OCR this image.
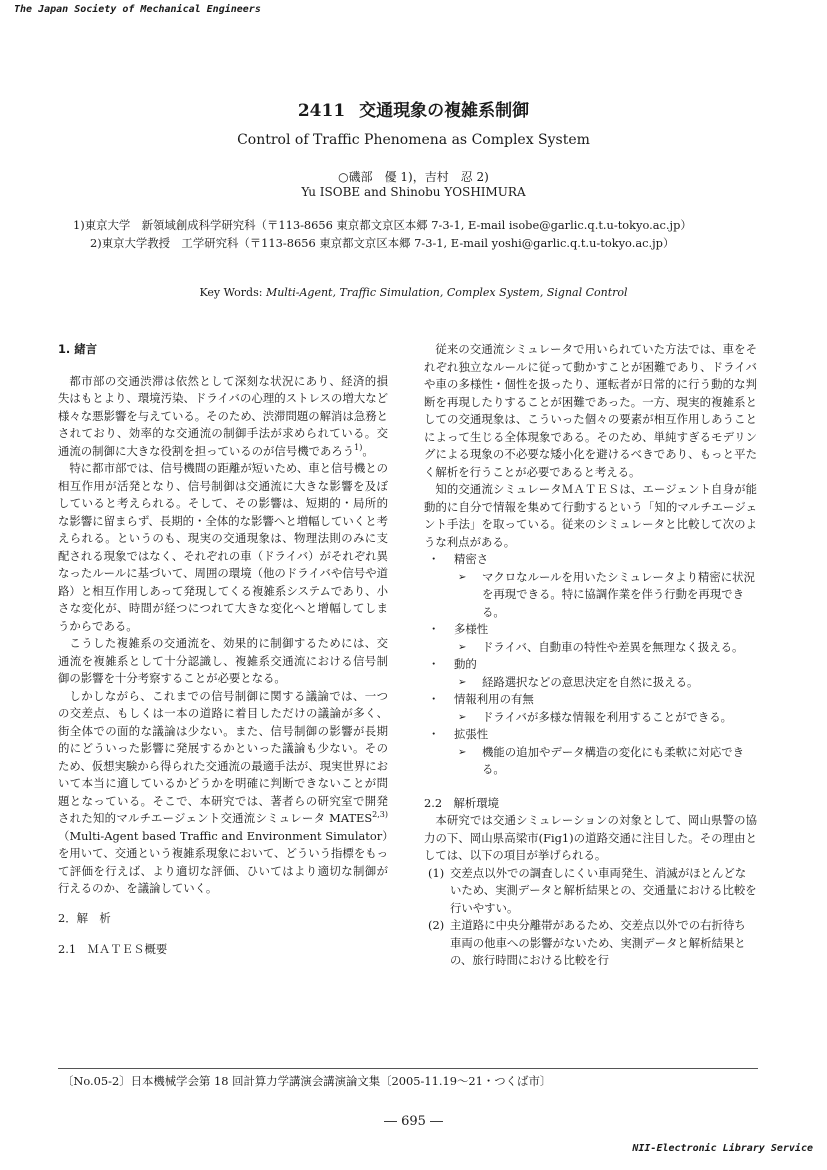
The Japan Society of Mechanical Engineers
2411 交通現象の複雑系制御
Control of Traffic Phenomena as Complex System
○磯部　優 1)，吉村　忍 2)
Yu ISOBE and Shinobu YOSHIMURA
1)東京大学　新領域創成科学研究科（〒113-8656 東京都文京区本郷 7-3-1, E-mail isobe@garlic.q.t.u-tokyo.ac.jp）
2)東京大学教授　工学研究科（〒113-8656 東京都文京区本郷 7-3-1, E-mail yoshi@garlic.q.t.u-tokyo.ac.jp）
Key Words: Multi-Agent, Traffic Simulation, Complex System, Signal Control

1. 緒言

都市部の交通渋滞は依然として深刻な状況にあり、経済的損失はもとより、環境汚染、ドライバの心理的ストレスの増大など様々な悪影響を与えている。そのため、渋滞問題の解消は急務とされており、効率的な交通流の制御手法が求められている。交通流の制御に大きな役割を担っているのが信号機であろう$^{1)}$。

特に都市部では、信号機間の距離が短いため、車と信号機との相互作用が活発となり、信号制御は交通流に大きな影響を及ぼしていると考えられる。そして、その影響は、短期的・局所的な影響に留まらず、長期的・全体的な影響へと増幅していくと考えられる。というのも、現実の交通現象は、物理法則のみに支配される現象ではなく、それぞれの車（ドライバ）がそれぞれ異なったルールに基づいて、周囲の環境（他のドライバや信号や道路）と相互作用しあって発現してくる複雑系システムであり、小さな変化が、時間が経つにつれて大きな変化へと增幅してしまうからである。

こうした複雑系の交通流を、効果的に制御するためには、交通流を複雑系として十分認識し、複雑系交通流における信号制御の影響を十分考察することが必要となる。

しかしながら、これまでの信号制御に関する議論では、一つの交差点、もしくは一本の道路に着目しただけの議論が多く、街全体での面的な議論は少ない。また、信号制御の影響が長期的にどういった影響に発展するかといった議論も少ない。そのため、仮想実験から得られた交通流の最適手法が、現実世界において本当に適しているかどうかを明確に判断できないことが問題となっている。そこで、本研究では、著者らの研究室で開発された知的マルチエージェント交通流シミュレータ MATES$^{2,3)}$（Multi-Agent based Traffic and Environment Simulator）を用いて、交通という複雑系現象において、どういう指標をもって評価を行えば、より適切な評価、ひいてはより適切な制御が行えるのか、を議論していく。

2．解　析

2.1　ＭＡＴＥＳ概要

従来の交通流シミュレータで用いられていた方法では、車をそれぞれ独立なルールに従って動かすことが困難であり、ドライバや車の多様性・個性を扱ったり、運転者が日常的に行う動的な判断を再現したりすることが困難であった。一方、現実的複雑系としての交通現象は、こういった個々の要素が相互作用しあうことによって生じる全体現象である。そのため、単純すぎるモデリングによる現象の不必要な矮小化を避けるべきであり、もっと平たく解析を行うことが必要であると考える。

知的交通流シミュレータＭＡＴＥＳは、エージェント自身が能動的に自分で情報を集めて行動するという「知的マルチエージェント手法」を取っている。従来のシミュレータと比較して次のような利点がある。

・	精密さ
➢	マクロなルールを用いたシミュレータより精密に状況を再現できる。特に協調作業を伴う行動を再現できる。
・	多様性
➢	ドライバ、自動車の特性や差異を無理なく扱える。
・	動的
➢	経路選択などの意思決定を自然に扱える。
・	情報利用の有無
➢	ドライバが多様な情報を利用することができる。
・	拡張性
➢	機能の追加やデータ構造の変化にも柔軟に対応できる。

2.2　解析環境

本研究では交通シミュレーションの対象として、岡山県警の協力の下、岡山県高梁市(Fig1)の道路交通に注目した。その理由としては、以下の項目が挙げられる。

(1) 交差点以外での調査しにくい車両発生、消滅がほとんどないため、実測データと解析結果との、交通量における比較を行いやすい。
(2) 主道路に中央分離帯があるため、交差点以外での右折待ち車両の他車への影響がないため、実測データと解析結果との、旅行時間における比較を行
〔No.05-2〕日本機械学会第 18 回計算力学講演会講演論文集〔2005-11.19～21・つくば市〕
― 695 ―
NII-Electronic Library Service
